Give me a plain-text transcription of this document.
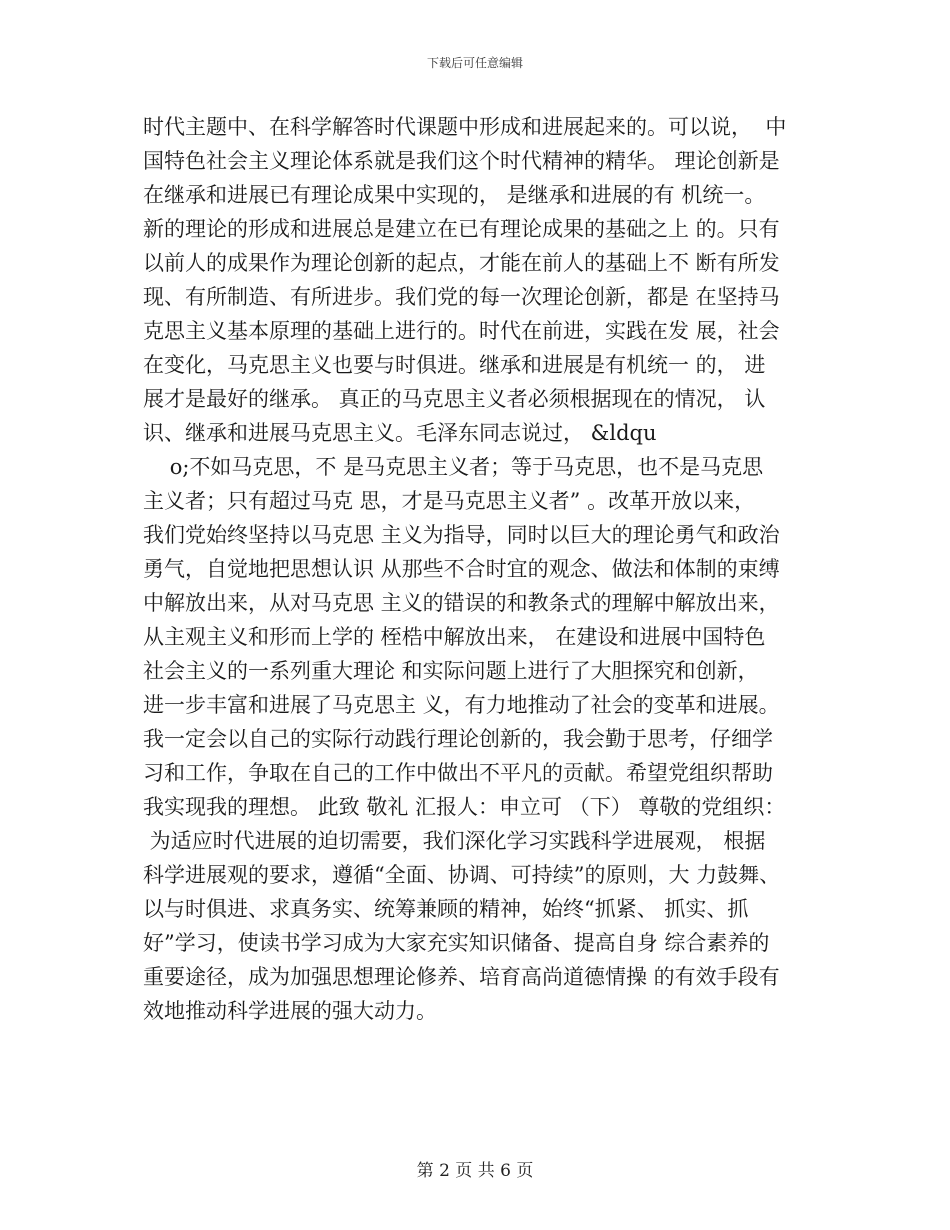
下载后可任意编辑
时代主题中、在科学解答时代课题中形成和进展起来的。可以说，  中
国特色社会主义理论体系就是我们这个时代精神的精华。 理论创新是
在继承和进展已有理论成果中实现的， 是继承和进展的有 机统一。
新的理论的形成和进展总是建立在已有理论成果的基础之上 的。只有
以前人的成果作为理论创新的起点，才能在前人的基础上不 断有所发
现、有所制造、有所进步。我们党的每一次理论创新，都是 在坚持马
克思主义基本原理的基础上进行的。时代在前进，实践在发 展，社会
在变化，马克思主义也要与时俱进。继承和进展是有机统一 的， 进
展才是最好的继承。 真正的马克思主义者必须根据现在的情况， 认
识、继承和进展马克思主义。毛泽东同志说过， &ldqu
o;不如马克思，不 是马克思主义者；等于马克思，也不是马克思
主义者；只有超过马克 思，才是马克思主义者” 。改革开放以来，
我们党始终坚持以马克思 主义为指导，同时以巨大的理论勇气和政治
勇气，自觉地把思想认识 从那些不合时宜的观念、做法和体制的束缚
中解放出来，从对马克思 主义的错误的和教条式的理解中解放出来，
从主观主义和形而上学的 桎梏中解放出来， 在建设和进展中国特色
社会主义的一系列重大理论 和实际问题上进行了大胆探究和创新，
进一步丰富和进展了马克思主 义，有力地推动了社会的变革和进展。
我一定会以自己的实际行动践行理论创新的，我会勤于思考，仔细学
习和工作，争取在自己的工作中做出不平凡的贡献。希望党组织帮助
我实现我的理想。 此致 敬礼 汇报人：申立可 （下） 尊敬的党组织：
为适应时代进展的迫切需要，我们深化学习实践科学进展观， 根据
科学进展观的要求，遵循“全面、协调、可持续”的原则，大 力鼓舞、
以与时俱进、求真务实、统筹兼顾的精神，始终“抓紧、 抓实、抓
好”学习，使读书学习成为大家充实知识储备、提高自身 综合素养的
重要途径，成为加强思想理论修养、培育高尚道德情操 的有效手段有
效地推动科学进展的强大动力。
第 2 页 共 6 页
